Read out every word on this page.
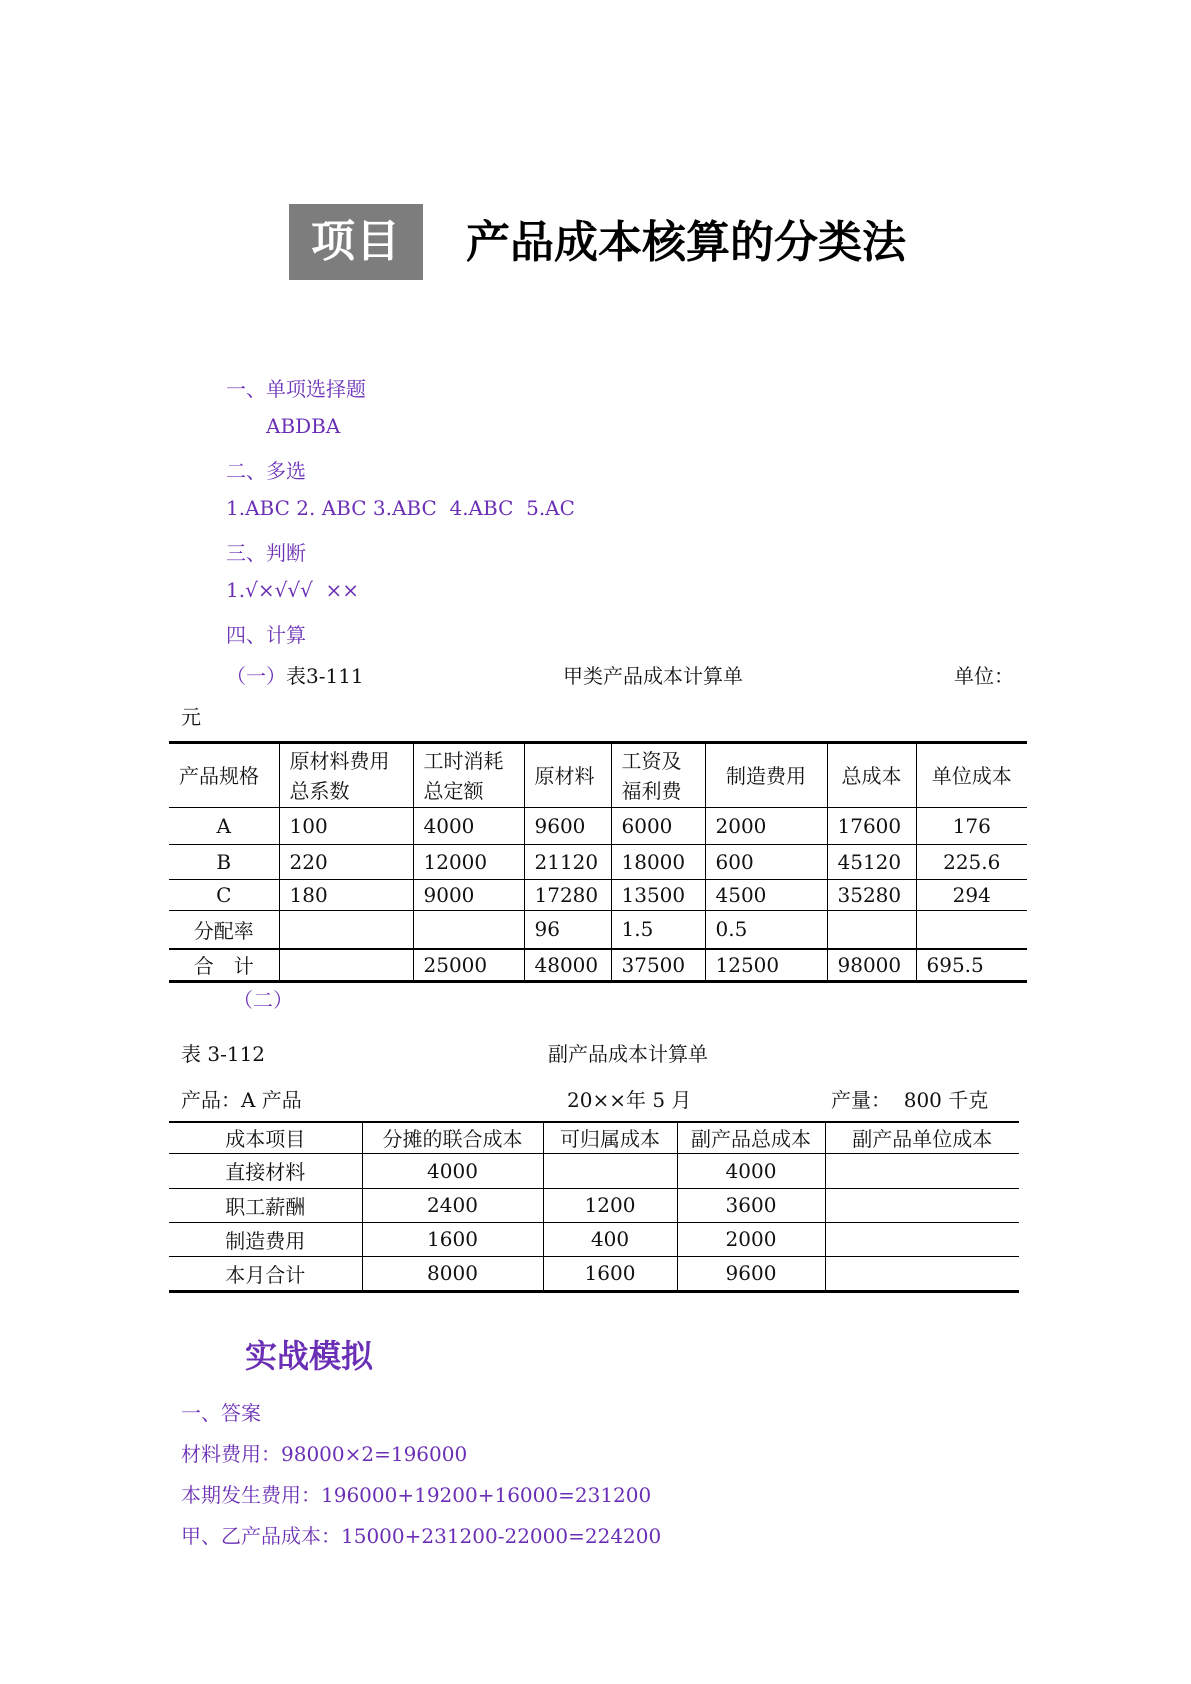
项目七
产品成本核算的分类法
一、单项选择题
ABDBA
二、多选
1.ABC 2. ABC 3.ABC  4.ABC  5.AC
三、判断
1.√×√√√  ××
四、计算
（一）表3-111	甲类产品成本计算单	单位：
元
产品规格	原材料费用总系数	工时消耗总定额	原材料	工资及福利费	制造费用	总成本	单位成本
A	100	4000	9600	6000	2000	17600	176
B	220	12000	21120	18000	600	45120	225.6
C	180	9000	17280	13500	4500	35280	294
分配率			96	1.5	0.5		
合　计		25000	48000	37500	12500	98000	695.5
（二）
表 3-112	副产品成本计算单
产品：A 产品	20××年 5 月	产量：  800 千克
成本项目	分摊的联合成本	可归属成本	副产品总成本	副产品单位成本
直接材料	4000		4000	
职工薪酬	2400	1200	3600	
制造费用	1600	400	2000	
本月合计	8000	1600	9600	
实战模拟
一、答案
材料费用：98000×2=196000
本期发生费用：196000+19200+16000=231200
甲、乙产品成本：15000+231200-22000=224200
